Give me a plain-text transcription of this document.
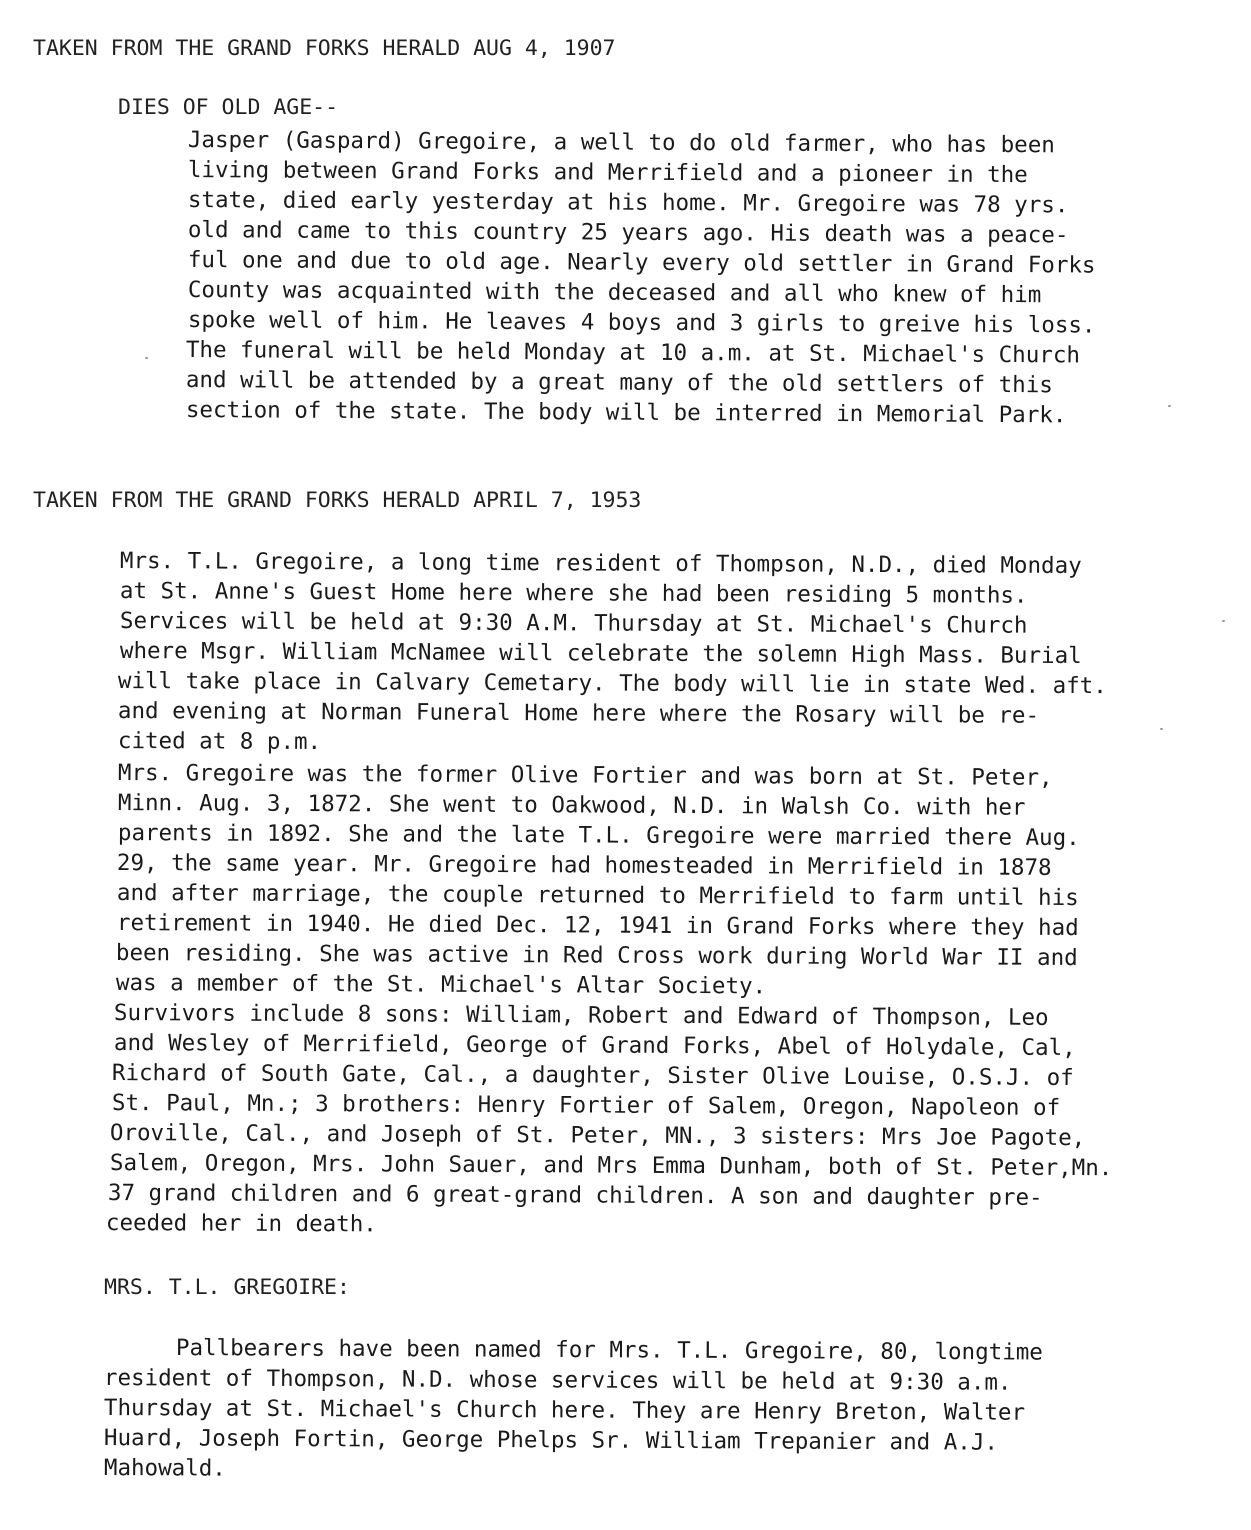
TAKEN FROM THE GRAND FORKS HERALD AUG 4, 1907
DIES OF OLD AGE--
Jasper (Gaspard) Gregoire, a well to do old farmer, who has been
living between Grand Forks and Merrifield and a pioneer in the
state, died early yesterday at his home. Mr. Gregoire was 78 yrs.
old and came to this country 25 years ago. His death was a peace-
ful one and due to old age. Nearly every old settler in Grand Forks
County was acquainted with the deceased and all who knew of him
spoke well of him. He leaves 4 boys and 3 girls to greive his loss.
The funeral will be held Monday at 10 a.m. at St. Michael's Church
and will be attended by a great many of the old settlers of this
section of the state. The body will be interred in Memorial Park.
TAKEN FROM THE GRAND FORKS HERALD APRIL 7, 1953
Mrs. T.L. Gregoire, a long time resident of Thompson, N.D., died Monday
at St. Anne's Guest Home here where she had been residing 5 months.
Services will be held at 9:30 A.M. Thursday at St. Michael's Church
where Msgr. William McNamee will celebrate the solemn High Mass. Burial
will take place in Calvary Cemetary. The body will lie in state Wed. aft.
and evening at Norman Funeral Home here where the Rosary will be re-
cited at 8 p.m.
Mrs. Gregoire was the former Olive Fortier and was born at St. Peter,
Minn. Aug. 3, 1872. She went to Oakwood, N.D. in Walsh Co. with her
parents in 1892. She and the late T.L. Gregoire were married there Aug.
29, the same year. Mr. Gregoire had homesteaded in Merrifield in 1878
and after marriage, the couple returned to Merrifield to farm until his
retirement in 1940. He died Dec. 12, 1941 in Grand Forks where they had
been residing. She was active in Red Cross work during World War II and
was a member of the St. Michael's Altar Society.
Survivors include 8 sons: William, Robert and Edward of Thompson, Leo
and Wesley of Merrifield, George of Grand Forks, Abel of Holydale, Cal,
Richard of South Gate, Cal., a daughter, Sister Olive Louise, O.S.J. of
St. Paul, Mn.; 3 brothers: Henry Fortier of Salem, Oregon, Napoleon of
Oroville, Cal., and Joseph of St. Peter, MN., 3 sisters: Mrs Joe Pagote,
Salem, Oregon, Mrs. John Sauer, and Mrs Emma Dunham, both of St. Peter,Mn.
37 grand children and 6 great-grand children. A son and daughter pre-
ceeded her in death.
MRS. T.L. GREGOIRE:
Pallbearers have been named for Mrs. T.L. Gregoire, 80, longtime
resident of Thompson, N.D. whose services will be held at 9:30 a.m.
Thursday at St. Michael's Church here. They are Henry Breton, Walter
Huard, Joseph Fortin, George Phelps Sr. William Trepanier and A.J.
Mahowald.
